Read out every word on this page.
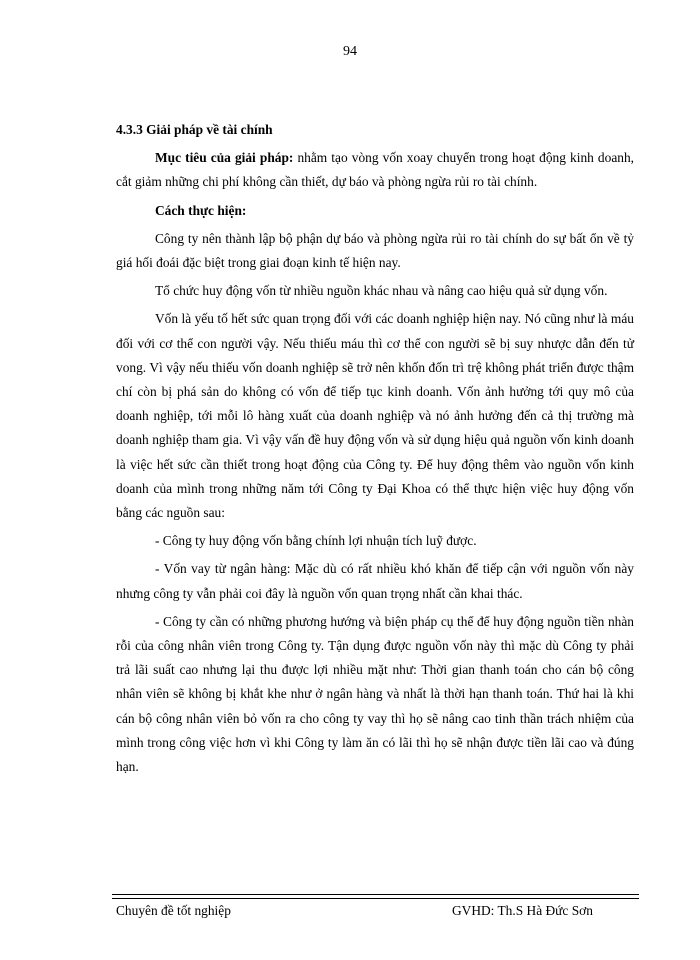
94

4.3.3 Giải pháp về tài chính

Mục tiêu của giải pháp: nhằm tạo vòng vốn xoay chuyển trong hoạt động kinh doanh, cắt giảm những chi phí không cần thiết, dự báo và phòng ngừa rủi ro tài chính.

Cách thực hiện:

Công ty nên thành lập bộ phận dự báo và phòng ngừa rủi ro tài chính do sự bất ổn về tỷ giá hối đoái đặc biệt trong giai đoạn kinh tế hiện nay.

Tổ chức huy động vốn từ nhiều nguồn khác nhau và nâng cao hiệu quả sử dụng vốn.

Vốn là yếu tố hết sức quan trọng đối với các doanh nghiệp hiện nay. Nó cũng như là máu đối với cơ thể con người vậy. Nếu thiếu máu thì cơ thể con người sẽ bị suy nhược dẫn đến tử vong. Vì vậy nếu thiếu vốn doanh nghiệp sẽ trở nên khốn đốn trì trệ không phát triển được thậm chí còn bị phá sản do không có vốn để tiếp tục kinh doanh. Vốn ảnh hưởng tới quy mô của doanh nghiệp, tới mỗi lô hàng xuất của doanh nghiệp và nó ảnh hưởng đến cả thị trường mà doanh nghiệp tham gia. Vì vậy vấn đề huy động vốn và sử dụng hiệu quả nguồn vốn kinh doanh là việc hết sức cần thiết trong hoạt động của Công ty. Để huy động thêm vào nguồn vốn kinh doanh của mình trong những năm tới Công ty Đại Khoa có thể thực hiện việc huy động vốn bằng các nguồn sau:

- Công ty huy động vốn bằng chính lợi nhuận tích luỹ được.

- Vốn vay từ ngân hàng: Mặc dù có rất nhiều khó khăn để tiếp cận với nguồn vốn này nhưng công ty vẫn phải coi đây là nguồn vốn quan trọng nhất cần khai thác.

- Công ty cần có những phương hướng và biện pháp cụ thể để huy động nguồn tiền nhàn rỗi của công nhân viên trong Công ty. Tận dụng được nguồn vốn này thì mặc dù Công ty phải trả lãi suất cao nhưng lại thu được lợi nhiều mặt như: Thời gian thanh toán cho cán bộ công nhân viên sẽ không bị khắt khe như ở ngân hàng và nhất là thời hạn thanh toán. Thứ hai là khi cán bộ công nhân viên bỏ vốn ra cho công ty vay thì họ sẽ nâng cao tinh thần trách nhiệm của mình trong công việc hơn vì khi Công ty làm ăn có lãi thì họ sẽ nhận được tiền lãi cao và đúng hạn.

Chuyên đề tốt nghiệp	GVHD: Th.S Hà Đức Sơn
